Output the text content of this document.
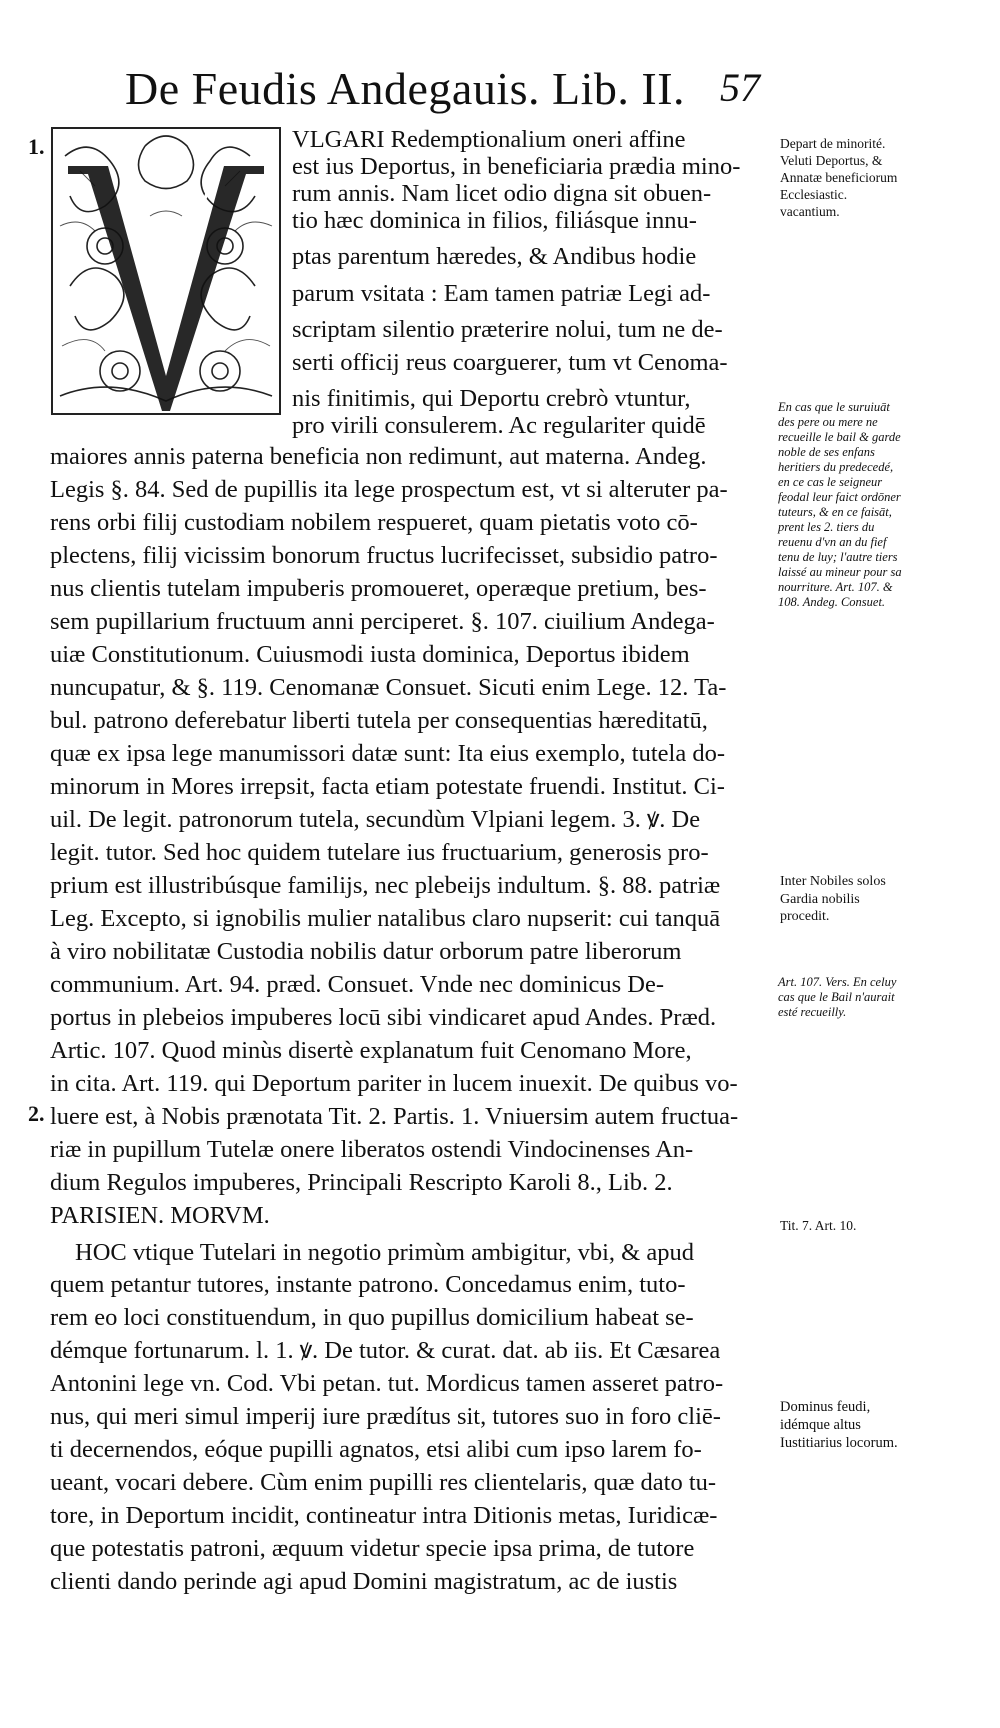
De Feudis Andegauis. Lib. II. 57
1.
2.
VLGARI Redemptionalium oneri affine
est ius Deportus, in beneficiaria prædia mino-
rum annis. Nam licet odio digna sit obuen-
tio hæc dominica in filios, filiásque innu-
ptas parentum hæredes, & Andibus hodie
parum vsitata : Eam tamen patriæ Legi ad-
scriptam silentio præterire nolui, tum ne de-
serti officij reus coarguerer, tum vt Cenoma-
nis finitimis, qui Deportu crebrò vtuntur,
pro virili consulerem. Ac regulariter quidē
maiores annis paterna beneficia non redimunt, aut materna. Andeg.
Legis §. 84. Sed de pupillis ita lege prospectum est, vt si alteruter pa-
rens orbi filij custodiam nobilem respueret, quam pietatis voto cō-
plectens, filij vicissim bonorum fructus lucrifecisset, subsidio patro-
nus clientis tutelam impuberis promoueret, operæque pretium, bes-
sem pupillarium fructuum anni perciperet. §. 107. ciuilium Andega-
uiæ Constitutionum. Cuiusmodi iusta dominica, Deportus ibidem
nuncupatur, & §. 119. Cenomanæ Consuet. Sicuti enim Lege. 12. Ta-
bul. patrono deferebatur liberti tutela per consequentias hæreditatū,
quæ ex ipsa lege manumissori datæ sunt: Ita eius exemplo, tutela do-
minorum in Mores irrepsit, facta etiam potestate fruendi. Institut. Ci-
uil. De legit. patronorum tutela, secundùm Vlpiani legem. 3. ꝟ. De
legit. tutor. Sed hoc quidem tutelare ius fructuarium, generosis pro-
prium est illustribúsque familijs, nec plebeijs indultum. §. 88. patriæ
Leg. Excepto, si ignobilis mulier natalibus claro nupserit: cui tanquā
à viro nobilitatæ Custodia nobilis datur orborum patre liberorum
communium. Art. 94. præd. Consuet. Vnde nec dominicus De-
portus in plebeios impuberes locū sibi vindicaret apud Andes. Præd.
Artic. 107. Quod minùs disertè explanatum fuit Cenomano More,
in cita. Art. 119. qui Deportum pariter in lucem inuexit. De quibus vo-
luere est, à Nobis prænotata Tit. 2. Partis. 1. Vniuersim autem fructua-
riæ in pupillum Tutelæ onere liberatos ostendi Vindocinenses An-
dium Regulos impuberes, Principali Rescripto Karoli 8., Lib. 2.
PARISIEN. MORVM.
HOC vtique Tutelari in negotio primùm ambigitur, vbi, & apud
quem petantur tutores, instante patrono. Concedamus enim, tuto-
rem eo loci constituendum, in quo pupillus domicilium habeat se-
démque fortunarum. l. 1. ꝟ. De tutor. & curat. dat. ab iis. Et Cæsarea
Antonini lege vn. Cod. Vbi petan. tut. Mordicus tamen asseret patro-
nus, qui meri simul imperij iure prædítus sit, tutores suo in foro cliē-
ti decernendos, eóque pupilli agnatos, etsi alibi cum ipso larem fo-
ueant, vocari debere. Cùm enim pupilli res clientelaris, quæ dato tu-
tore, in Deportum incidit, contineatur intra Ditionis metas, Iuridicæ-
que potestatis patroni, æquum videtur specie ipsa prima, de tutore
clienti dando perinde agi apud Domini magistratum, ac de iustis
Depart de minorité. Veluti Deportus, & Annatæ beneficiorum Ecclesiastic. vacantium.
En cas que le suruiuāt des pere ou mere ne recueille le bail & garde noble de ses enfans heritiers du predecedé, en ce cas le seigneur feodal leur faict ordōner tuteurs, & en ce faisāt, prent les 2. tiers du reuenu d'vn an du fief tenu de luy; l'autre tiers laissé au mineur pour sa nourriture. Art. 107. & 108. Andeg. Consuet.
Inter Nobiles solos Gardia nobilis procedit.
Art. 107. Vers. En celuy cas que le Bail n'aurait esté recueilly.
Tit. 7. Art. 10.
Dominus feudi, idémque altus Iustitiarius locorum.
